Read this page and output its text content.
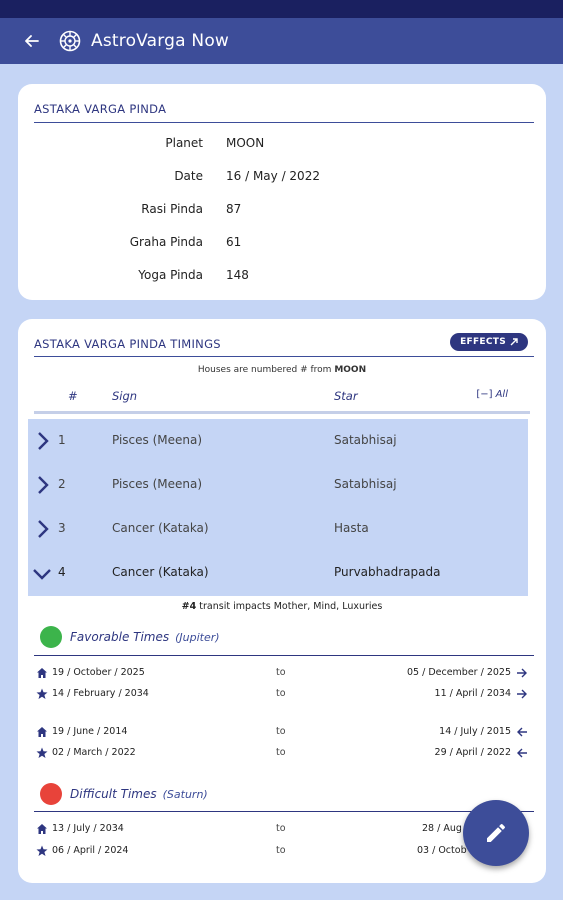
AstroVarga Now
ASTAKA VARGA PINDA
Planet MOON
Date 16 / May / 2022
Rasi Pinda 87
Graha Pinda 61
Yoga Pinda 148
ASTAKA VARGA PINDA TIMINGS	EFFECTS
Houses are numbered # from MOON
#	Sign	Star	[−] All
1	Pisces (Meena)	Satabhisaj
2	Pisces (Meena)	Satabhisaj
3	Cancer (Kataka)	Hasta
4	Cancer (Kataka)	Purvabhadrapada
#4 transit impacts Mother, Mind, Luxuries
Favorable Times (Jupiter)
19 / October / 2025	to	05 / December / 2025
14 / February / 2034	to	11 / April / 2034
19 / June / 2014	to	14 / July / 2015
02 / March / 2022	to	29 / April / 2022
Difficult Times (Saturn)
13 / July / 2034	to	28 / Aug
06 / April / 2024	to	03 / Octob
